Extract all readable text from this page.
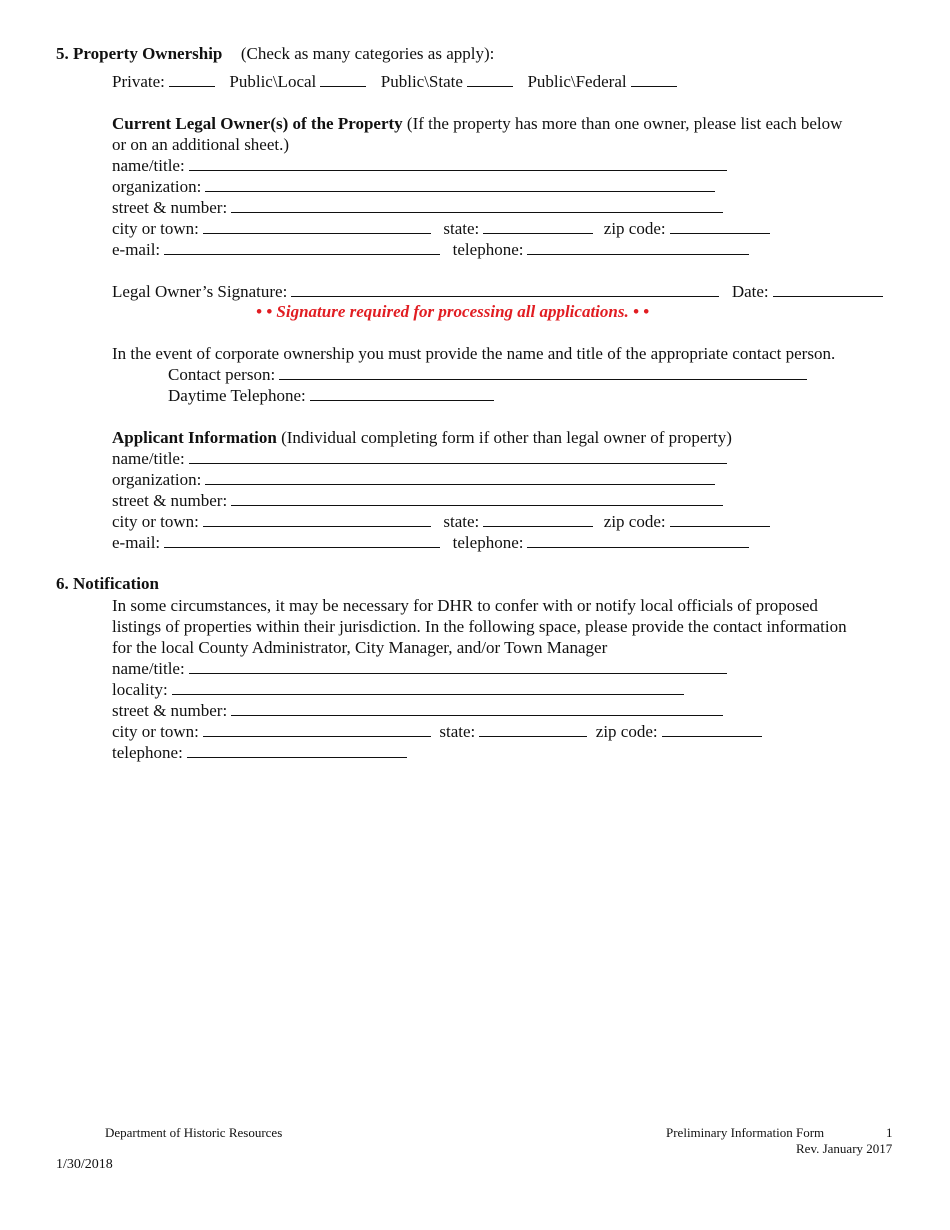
5. Property Ownership (Check as many categories as apply):
Private:	Public\Local	Public\State	Public\Federal
Current Legal Owner(s) of the Property (If the property has more than one owner, please list each below
or on an additional sheet.)
name/title:
organization:
street & number:
city or town:	state:	zip code:
e-mail:	telephone:
Legal Owner’s Signature:	Date:
• • Signature required for processing all applications. • •
In the event of corporate ownership you must provide the name and title of the appropriate contact person.
Contact person:
Daytime Telephone:
Applicant Information (Individual completing form if other than legal owner of property)
name/title:
organization:
street & number:
city or town:	state:	zip code:
e-mail:	telephone:
6. Notification
In some circumstances, it may be necessary for DHR to confer with or notify local officials of proposed
listings of properties within their jurisdiction. In the following space, please provide the contact information
for the local County Administrator, City Manager, and/or Town Manager
name/title:
locality:
street & number:
city or town:	state:	zip code:
telephone:
Department of Historic Resources	Preliminary Information Form	1
Rev. January 2017
1/30/2018
